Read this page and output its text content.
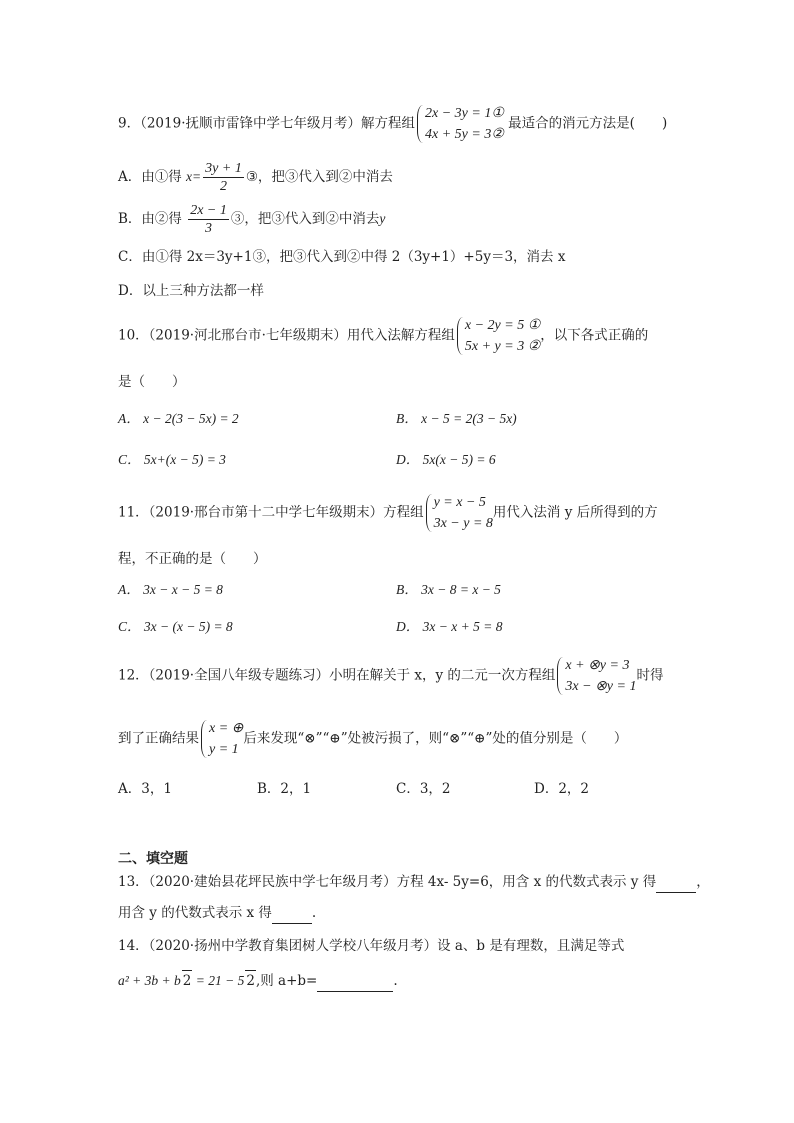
9．（2019·抚顺市雷锋中学七年级月考）解方程组
2x − 3y = 1①
4x + 5y = 3②
最适合的消元方法是(　　)
A．由①得 $x= \frac{3y + 1}{2}$ ③，把③代入到②中消去
B．由②得 $\frac{2x - 1}{3}$ ③，把③代入到②中消去y
C．由①得 2x＝3y+1③，把③代入到②中得 2（3y+1）+5y＝3，消去 x
D．以上三种方法都一样
10．（2019·河北邢台市·七年级期末）用代入法解方程组
x − 2y = 5 ①
5x + y = 3 ②
，以下各式正确的
是（　　）
A． x − 2(3 − 5x) = 2	B． x − 5 = 2(3 − 5x)
C． 5x+(x − 5) = 3	D． 5x(x − 5) = 6
11．（2019·邢台市第十二中学七年级期末）方程组
y = x − 5
3x − y = 8
用代入法消 y 后所得到的方
程，不正确的是（　　）
A． 3x − x − 5 = 8	B． 3x − 8 = x − 5
C． 3x − (x − 5) = 8	D． 3x − x + 5 = 8
12．（2019·全国八年级专题练习）小明在解关于 x，y 的二元一次方程组
x + ⊗y = 3
3x − ⊗y = 1
时得
到了正确结果
x = ⊕
y = 1
后来发现“⊗”“⊕”处被污损了，则“⊗”“⊕”处的值分别是（　　）
A．3，1	B．2，1	C．3，2	D．2，2
二、填空题
13．（2020·建始县花坪民族中学七年级月考）方程 4x- 5y=6，用含 x 的代数式表示 y 得	，
用含 y 的代数式表示 x 得	.
14．（2020·扬州中学教育集团树人学校八年级月考）设 a、b 是有理数，且满足等式
a² + 3b + b 2 = 21 − 5 2,则 a+b=	.
